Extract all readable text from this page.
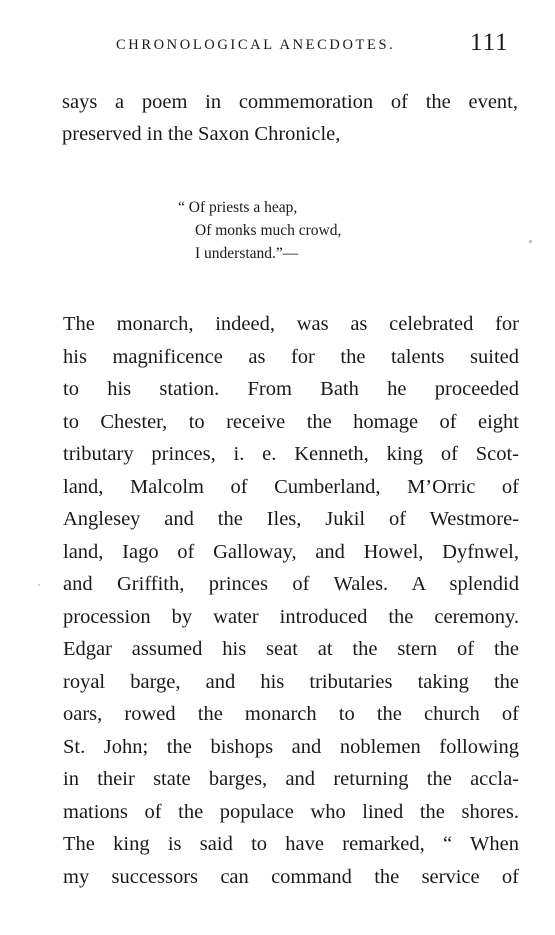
CHRONOLOGICAL ANECDOTES.	111
says a poem in commemoration of the event,
preserved in the Saxon Chronicle,
“ Of priests a heap,
Of monks much crowd,
I understand.”—
The monarch, indeed, was as celebrated for
his magnificence as for the talents suited
to his station. From Bath he proceeded
to Chester, to receive the homage of eight
tributary princes, i. e. Kenneth, king of Scot-
land, Malcolm of Cumberland, M’Orric of
Anglesey and the Iles, Jukil of Westmore-
land, Iago of Galloway, and Howel, Dyfnwel,
and Griffith, princes of Wales. A splendid
procession by water introduced the ceremony.
Edgar assumed his seat at the stern of the
royal barge, and his tributaries taking the
oars, rowed the monarch to the church of
St. John; the bishops and noblemen following
in their state barges, and returning the accla-
mations of the populace who lined the shores.
The king is said to have remarked, “ When
my successors can command the service of
